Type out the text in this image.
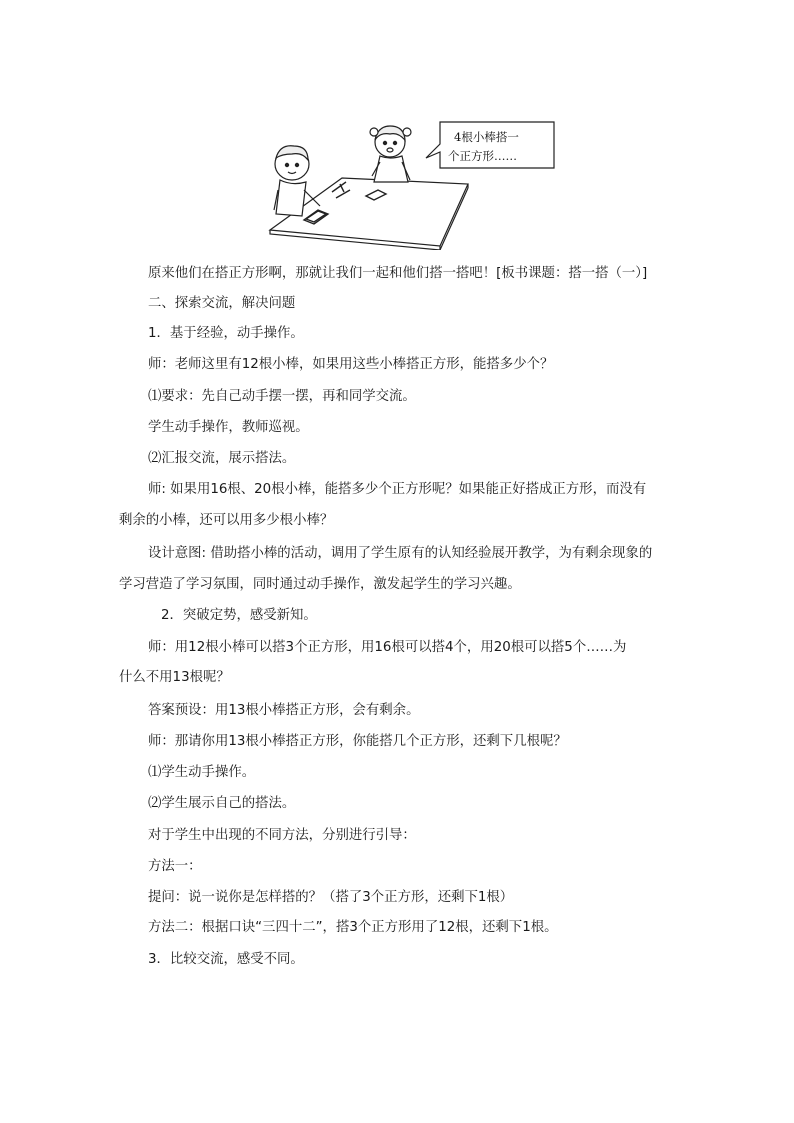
4根小棒搭一
个正方形……
原来他们在搭正方形啊，那就让我们一起和他们搭一搭吧！[板书课题：搭一搭（一）]
二、探索交流，解决问题
1．基于经验，动手操作。
师：老师这里有12根小棒，如果用这些小棒搭正方形，能搭多少个？
⑴要求：先自己动手摆一摆，再和同学交流。
学生动手操作，教师巡视。
⑵汇报交流，展示搭法。
师: 如果用16根、20根小棒，能搭多少个正方形呢？如果能正好搭成正方形，而没有
剩余的小棒，还可以用多少根小棒？
设计意图: 借助搭小棒的活动，调用了学生原有的认知经验展开教学，为有剩余现象的
学习营造了学习氛围，同时通过动手操作，激发起学生的学习兴趣。
2．突破定势，感受新知。
师：用12根小棒可以搭3个正方形，用16根可以搭4个，用20根可以搭5个……为
什么不用13根呢？
答案预设：用13根小棒搭正方形，会有剩余。
师：那请你用13根小棒搭正方形，你能搭几个正方形，还剩下几根呢？
⑴学生动手操作。
⑵学生展示自己的搭法。
对于学生中出现的不同方法，分别进行引导：
方法一：
提问：说一说你是怎样搭的？（搭了3个正方形，还剩下1根）
方法二：根据口诀“三四十二”，搭3个正方形用了12根，还剩下1根。
3．比较交流，感受不同。
